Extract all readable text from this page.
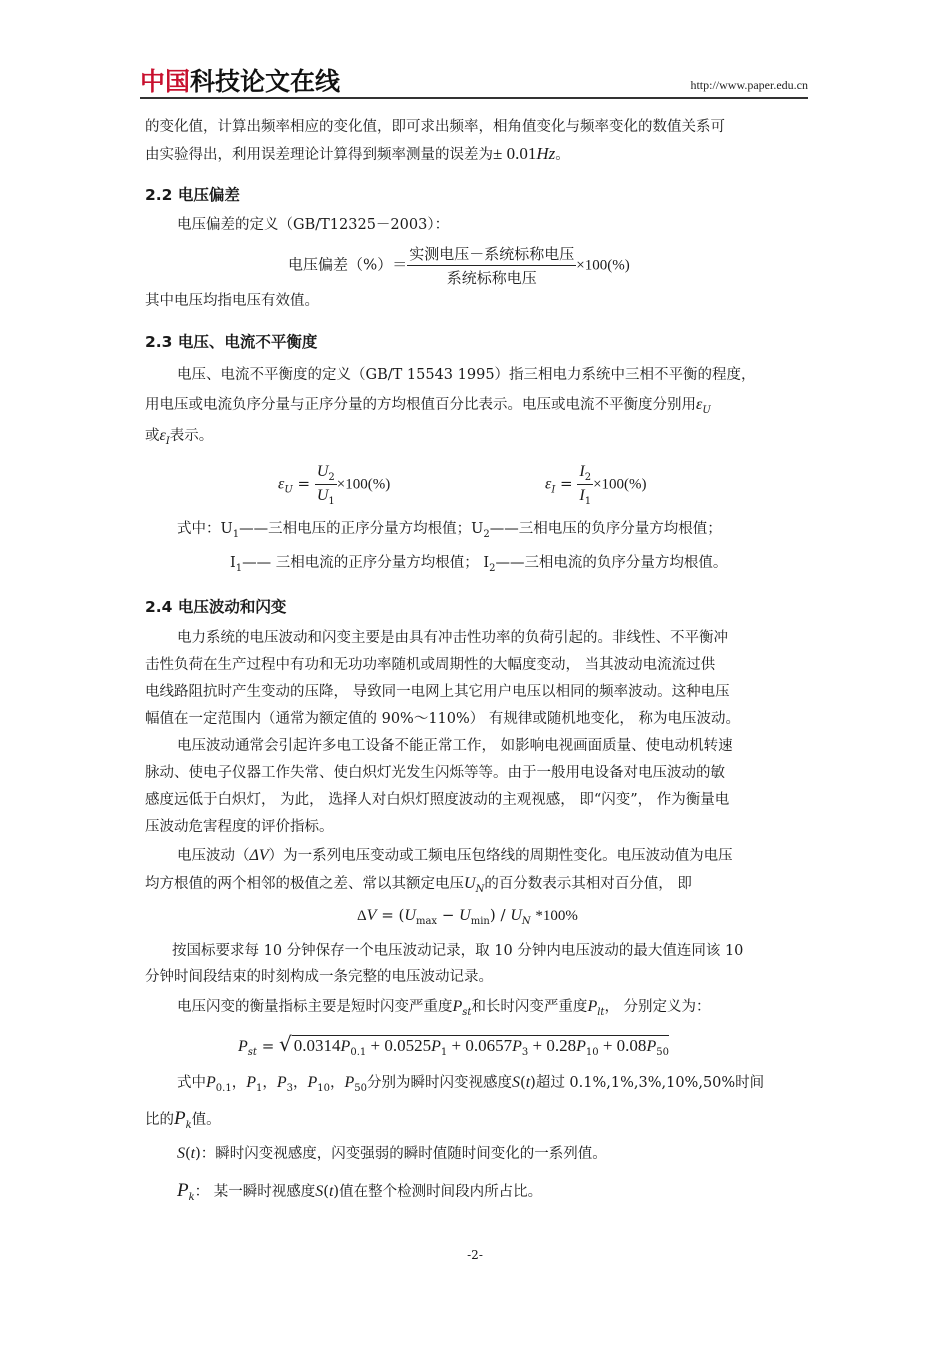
中国科技论文在线	http://www.paper.edu.cn
的变化值，计算出频率相应的变化值，即可求出频率，相角值变化与频率变化的数值关系可
由实验得出，利用误差理论计算得到频率测量的误差为± 0.01Hz。
2.2 电压偏差
电压偏差的定义（GB/T12325－2003）：
电压偏差（%）＝ $\frac{\text{实测电压－系统标称电压}}{\text{系统标称电压}} \times 100(\%)$
其中电压均指电压有效值。
2.3 电压、电流不平衡度
电压、电流不平衡度的定义（GB/T 15543 1995）指三相电力系统中三相不平衡的程度，
用电压或电流负序分量与正序分量的方均根值百分比表示。电压或电流不平衡度分别用$\varepsilon_U$
或$\varepsilon_I$表示。
$\varepsilon_U = \frac{U_2}{U_1} \times 100(\%)$	$\varepsilon_I = \frac{I_2}{I_1} \times 100(\%)$
式中：$U_1——$三相电压的正序分量方均根值；$U_2——$三相电压的负序分量方均根值；
$I_1——$ 三相电流的正序分量方均根值； $I_2——$三相电流的负序分量方均根值。
2.4 电压波动和闪变
电力系统的电压波动和闪变主要是由具有冲击性功率的负荷引起的。非线性、不平衡冲
击性负荷在生产过程中有功和无功功率随机或周期性的大幅度变动， 当其波动电流流过供
电线路阻抗时产生变动的压降， 导致同一电网上其它用户电压以相同的频率波动。这种电压
幅值在一定范围内（通常为额定值的 90%～110%） 有规律或随机地变化， 称为电压波动。
电压波动通常会引起许多电工设备不能正常工作， 如影响电视画面质量、使电动机转速
脉动、使电子仪器工作失常、使白炽灯光发生闪烁等等。由于一般用电设备对电压波动的敏
感度远低于白炽灯， 为此， 选择人对白炽灯照度波动的主观视感， 即“闪变”， 作为衡量电
压波动危害程度的评价指标。
电压波动（ΔV）为一系列电压变动或工频电压包络线的周期性变化。电压波动值为电压
均方根值的两个相邻的极值之差、常以其额定电压$U_N$的百分数表示其相对百分值， 即
$\Delta V = (U_{max} - U_{min}) / U_N$ *100%
按国标要求每 10 分钟保存一个电压波动记录，取 10 分钟内电压波动的最大值连同该 10
分钟时间段结束的时刻构成一条完整的电压波动记录。
电压闪变的衡量指标主要是短时闪变严重度$P_{st}$和长时闪变严重度$P_{lt}$， 分别定义为：
$P_{st}$ = √ $0.0314P_{0.1} + 0.0525P_1 + 0.0657P_3 + 0.28P_{10} + 0.08P_{50}$
式中$P_{0.1}$，$P_1$，$P_3$，$P_{10}$，$P_{50}$分别为瞬时闪变视感度S(t)超过 0.1%,1%,3%,10%,50%时间
比的$P_k$值。
S(t)：瞬时闪变视感度，闪变强弱的瞬时值随时间变化的一系列值。
$P_k$： 某一瞬时视感度S(t)值在整个检测时间段内所占比。
-2-
